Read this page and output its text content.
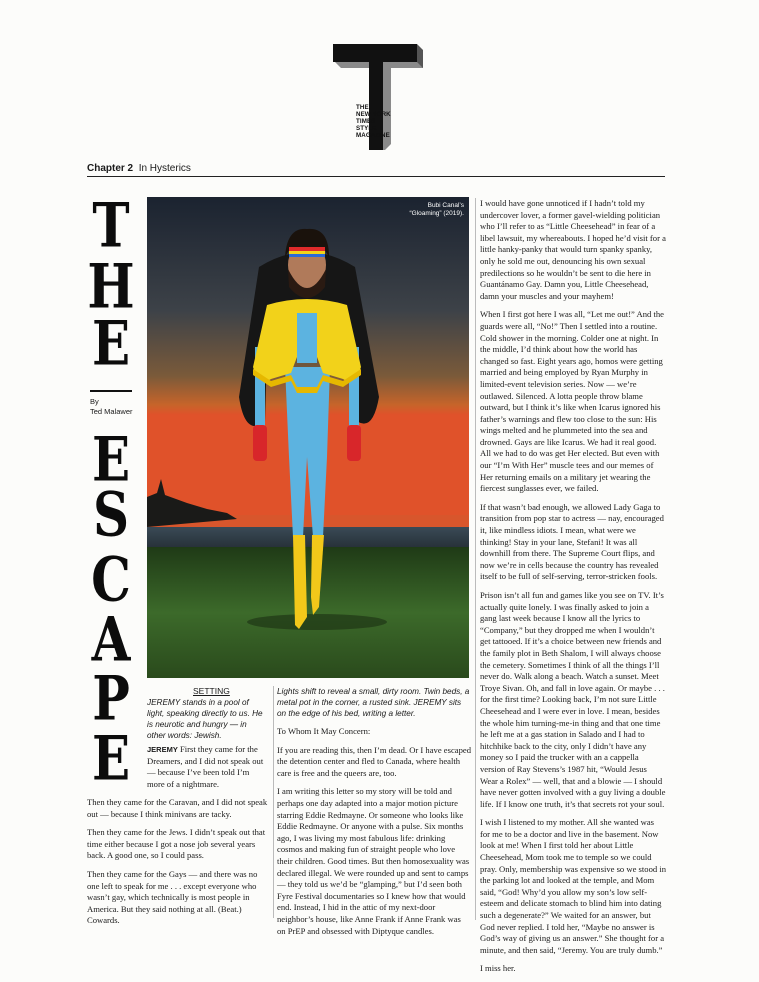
THE
NEW YORK
TIMES
STYLE
MAGAZINE
Chapter 2 In Hysterics
T
H
E
By
Ted Malawer
E
S
C
A
P
E
Bubi Canal’s
“Gloaming” (2019).
SETTING
JEREMY stands in a pool of light, speaking directly to us. He is neurotic and hungry — in other words: Jewish.
JEREMY First they came for the Dreamers, and I did not speak out — because I’ve been told I’m more of a nightmare.

Then they came for the Caravan, and I did not speak out — because I think minivans are tacky.

Then they came for the Jews. I didn’t speak out that time either because I got a nose job several years back. A good one, so I could pass.

Then they came for the Gays — and there was no one left to speak for me . . . except everyone who wasn’t gay, which technically is most people in America. But they said nothing at all. (Beat.) Cowards.

Lights shift to reveal a small, dirty room. Twin beds, a metal pot in the corner, a rusted sink. JEREMY sits on the edge of his bed, writing a letter.

To Whom It May Concern:

If you are reading this, then I’m dead. Or I have escaped the detention center and fled to Canada, where health care is free and the queers are, too.

I am writing this letter so my story will be told and perhaps one day adapted into a major motion picture starring Eddie Redmayne. Or someone who looks like Eddie Redmayne. Or anyone with a pulse. Six months ago, I was living my most fabulous life: drinking cosmos and making fun of straight people who love their children. Good times. But then homosexuality was declared illegal. We were rounded up and sent to camps — they told us we’d be “glamping,” but I’d seen both Fyre Festival documentaries so I knew how that would end. Instead, I hid in the attic of my next-door neighbor’s house, like Anne Frank if Anne Frank was on PrEP and obsessed with Diptyque candles.

I would have gone unnoticed if I hadn’t told my undercover lover, a former gavel-wielding politician who I’ll refer to as “Little Cheesehead” in fear of a libel lawsuit, my whereabouts. I hoped he’d visit for a little hanky-panky that would turn spanky spanky, only he sold me out, denouncing his own sexual predilections so he wouldn’t be sent to die here in Guantánamo Gay. Damn you, Little Cheesehead, damn your muscles and your mayhem!

When I first got here I was all, “Let me out!” And the guards were all, “No!” Then I settled into a routine. Cold shower in the morning. Colder one at night. In the middle, I’d think about how the world has changed so fast. Eight years ago, homos were getting married and being employed by Ryan Murphy in limited-event television series. Now — we’re outlawed. Silenced. A lotta people throw blame outward, but I think it’s like when Icarus ignored his father’s warnings and flew too close to the sun: His wings melted and he plummeted into the sea and drowned. Gays are like Icarus. We had it real good. All we had to do was get Her elected. But even with our “I’m With Her” muscle tees and our memes of Her returning emails on a military jet wearing the fiercest sunglasses ever, we failed.

If that wasn’t bad enough, we allowed Lady Gaga to transition from pop star to actress — nay, encouraged it, like mindless idiots. I mean, what were we thinking! Stay in your lane, Stefani! It was all downhill from there. The Supreme Court flips, and now we’re in cells because the country has revealed itself to be full of self-serving, terror-stricken fools.

Prison isn’t all fun and games like you see on TV. It’s actually quite lonely. I was finally asked to join a gang last week because I know all the lyrics to “Company,” but they dropped me when I wouldn’t get tattooed. If it’s a choice between new friends and the family plot in Beth Shalom, I will always choose the cemetery. Sometimes I think of all the things I’ll never do. Walk along a beach. Watch a sunset. Meet Troye Sivan. Oh, and fall in love again. Or maybe . . . for the first time? Looking back, I’m not sure Little Cheesehead and I were ever in love. I mean, besides the whole him turning-me-in thing and that one time he left me at a gas station in Salado and I had to hitchhike back to the city, only I didn’t have any money so I paid the trucker with an a cappella version of Ray Stevens’s 1987 hit, “Would Jesus Wear a Rolex” — well, that and a blowie — I should have never gotten involved with a guy living a double life. If I know one truth, it’s that secrets rot your soul.

I wish I listened to my mother. All she wanted was for me to be a doctor and live in the basement. Now look at me! When I first told her about Little Cheesehead, Mom took me to temple so we could pray. Only, membership was expensive so we stood in the parking lot and looked at the temple, and Mom said, “God! Why’d you allow my son’s low self-esteem and delicate stomach to blind him into dating such a degenerate?” We waited for an answer, but God never replied. I told her, “Maybe no answer is God’s way of giving us an answer.” She thought for a minute, and then said, “Jeremy. You are truly dumb.”

I miss her.
